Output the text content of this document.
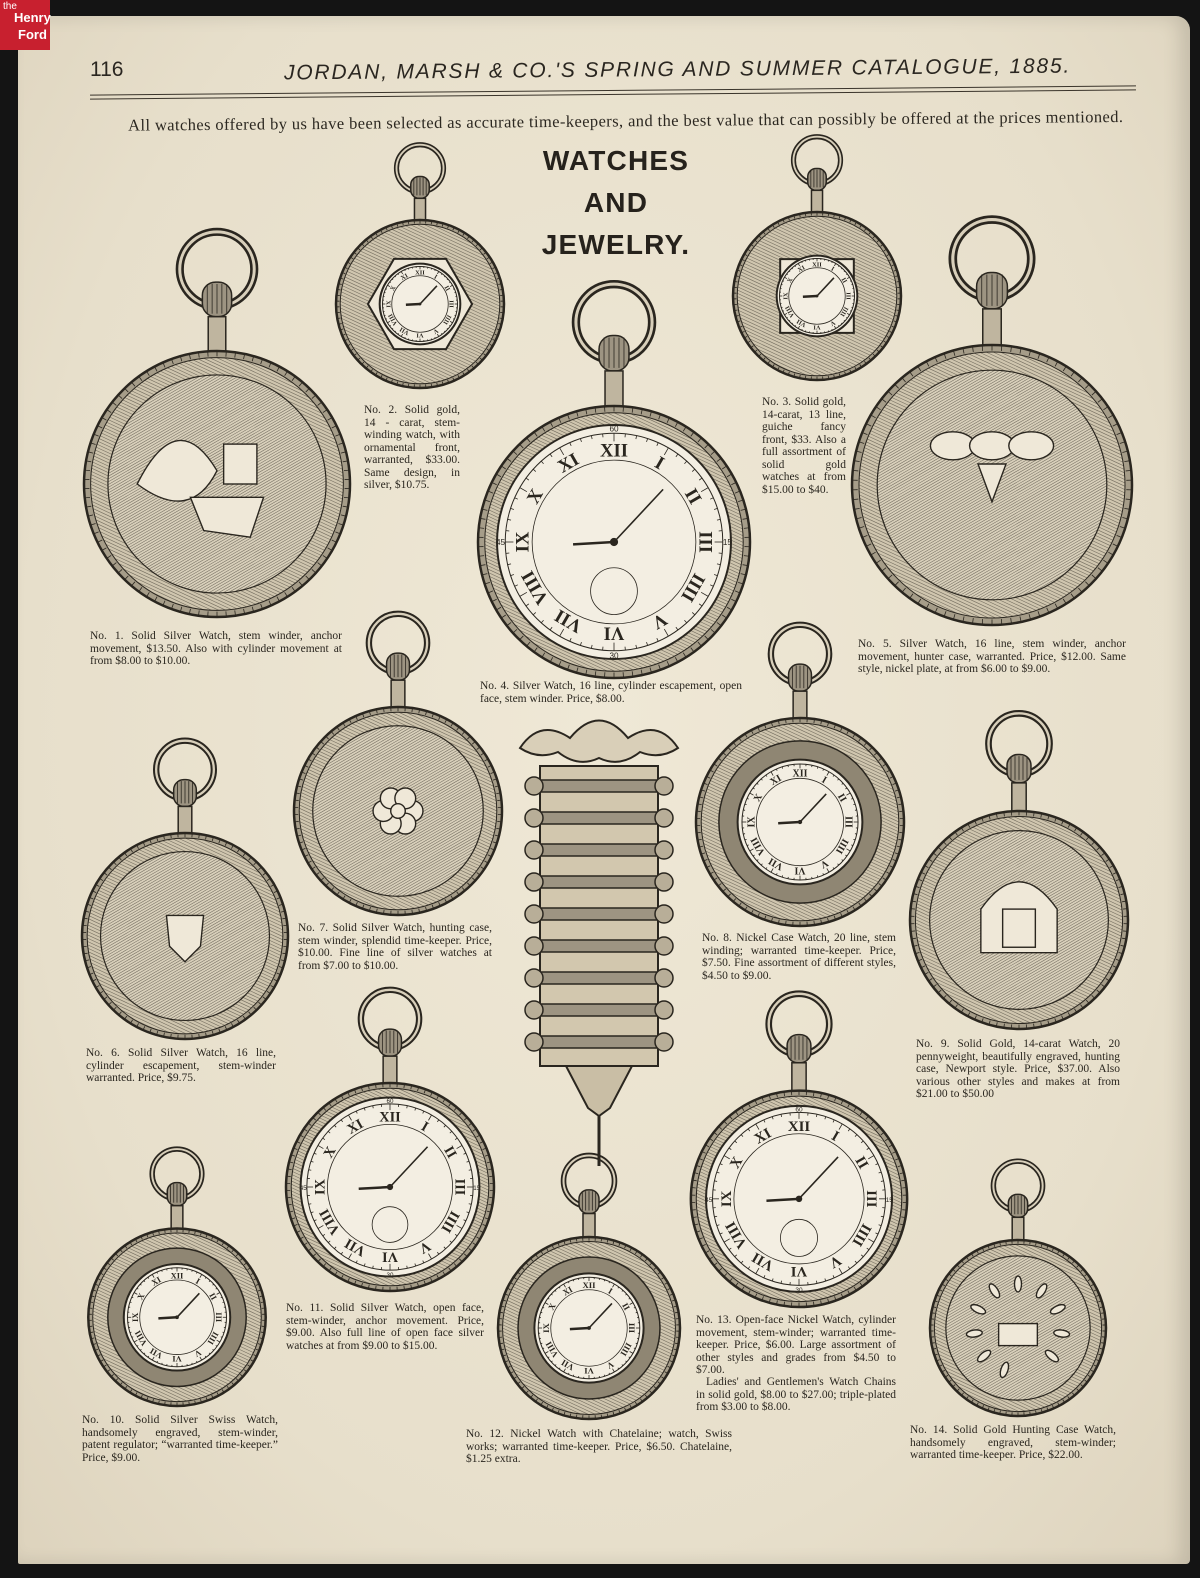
the
Henry
Ford
116	JORDAN, MARSH & CO.'S SPRING AND SUMMER CATALOGUE, 1885.

All watches offered by us have been selected as accurate time-keepers, and the best value that can possibly be offered at the prices mentioned.

WATCHES
AND
JEWELRY.
XII
I
II
III
IIII
V
VI
VII
VIII
IX
X
XI
XII
I
II
III
IIII
V
VI
VII
VIII
IX
X
XI
XII
I
II
III
IIII
V
VI
VII
VIII
IX
X
XI
60
15
30
45
XII
I
II
III
IIII
V
VI
VII
VIII
IX
X
XI
XII
I
II
III
IIII
V
VI
VII
VIII
IX
X
XI
XII
I
II
III
IIII
V
VI
VII
VIII
IX
X
XI
60
15
30
45
XII
I
II
III
IIII
V
VI
VII
VIII
IX
X
XI
XII
I
II
III
IIII
V
VI
VII
VIII
IX
X
XI
60
15
30
45

No. 1. Solid Silver Watch, stem winder, anchor movement, $13.50. Also with cylinder movement at from $8.00 to $10.00.

No. 2. Solid gold, 14 - carat, stem-winding watch, with ornamental front, warranted, $33.00. Same design, in silver, $10.75.

No. 3. Solid gold, 14-carat, 13 line, guiche fancy front, $33. Also a full assortment of solid gold watches at from $15.00 to $40.

No. 4. Silver Watch, 16 line, cylinder escapement, open face, stem winder. Price, $8.00.

No. 5. Silver Watch, 16 line, stem winder, anchor movement, hunter case, warranted. Price, $12.00. Same style, nickel plate, at from $6.00 to $9.00.

No. 6. Solid Silver Watch, 16 line, cylinder escapement, stem-winder warranted. Price, $9.75.

No. 7. Solid Silver Watch, hunting case, stem winder, splendid time-keeper. Price, $10.00. Fine line of silver watches at from $7.00 to $10.00.

No. 8. Nickel Case Watch, 20 line, stem winding; warranted time-keeper. Price, $7.50. Fine assortment of different styles, $4.50 to $9.00.

No. 9. Solid Gold, 14-carat Watch, 20 pennyweight, beautifully engraved, hunting case, Newport style. Price, $37.00. Also various other styles and makes at from $21.00 to $50.00

No. 10. Solid Silver Swiss Watch, handsomely engraved, stem-winder, patent regulator; “warranted time-keeper.” Price, $9.00.

No. 11. Solid Silver Watch, open face, stem-winder, anchor movement. Price, $9.00. Also full line of open face silver watches at from $9.00 to $15.00.

No. 12. Nickel Watch with Chatelaine; watch, Swiss works; warranted time-keeper. Price, $6.50. Chatelaine, $1.25 extra.

No. 13. Open-face Nickel Watch, cylinder movement, stem-winder; warranted time-keeper. Price, $6.00. Large assortment of other styles and grades from $4.50 to $7.00.

Ladies' and Gentlemen's Watch Chains in solid gold, $8.00 to $27.00; triple-plated from $3.00 to $8.00.

No. 14. Solid Gold Hunting Case Watch, handsomely engraved, stem-winder; warranted time-keeper. Price, $22.00.
